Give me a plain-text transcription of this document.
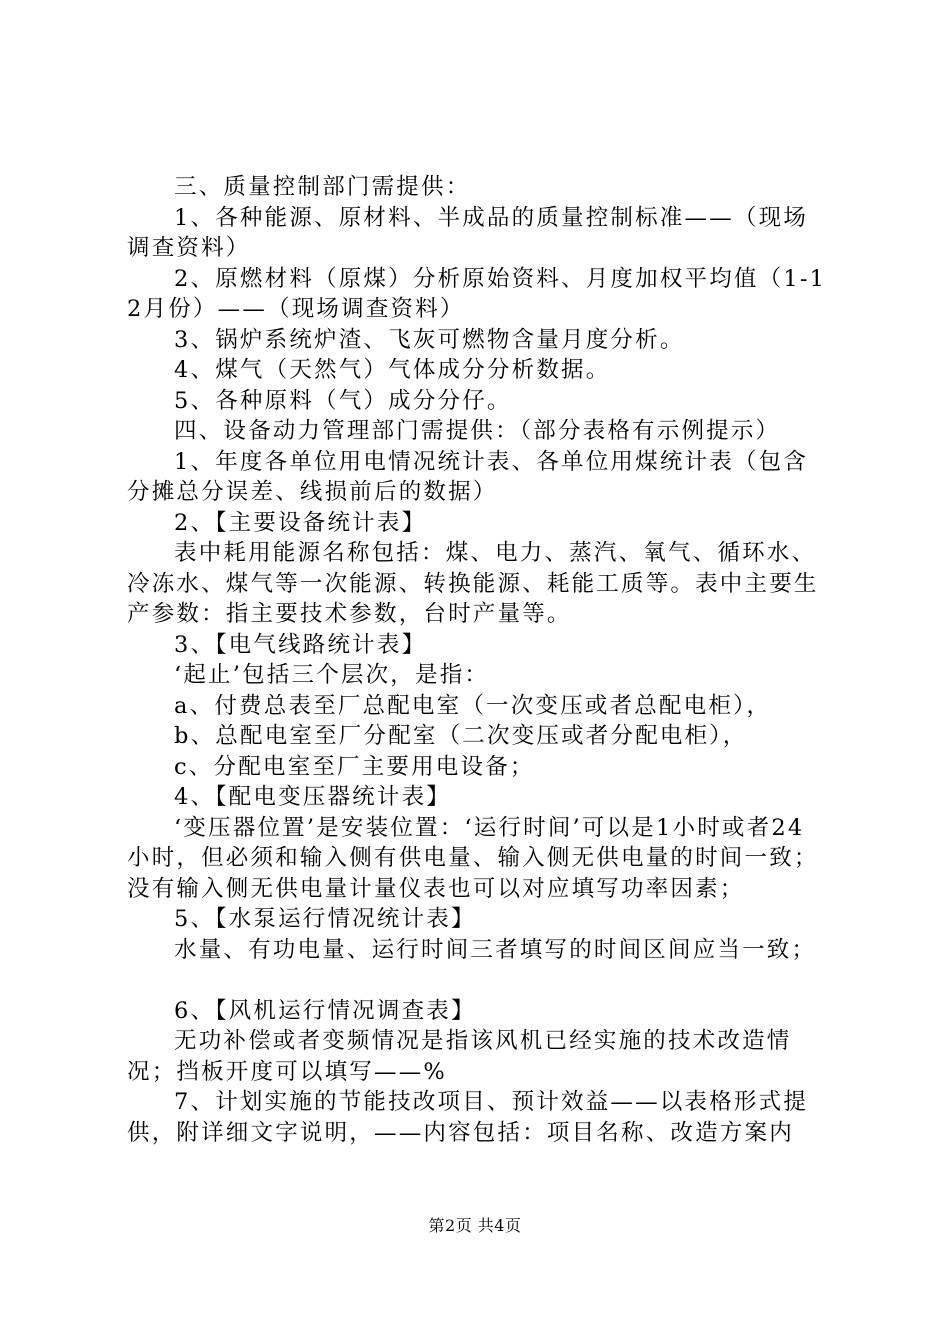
三、质量控制部门需提供：

1、各种能源、原材料、半成品的质量控制标准——（现场调查资料）

2、原燃材料（原煤）分析原始资料、月度加权平均值（1-12月份）——（现场调查资料）

3、锅炉系统炉渣、飞灰可燃物含量月度分析。

4、煤气（天然气）气体成分分析数据。

5、各种原料（气）成分分仔。

四、设备动力管理部门需提供：（部分表格有示例提示）

1、年度各单位用电情况统计表、各单位用煤统计表（包含分摊总分误差、线损前后的数据）

2、【主要设备统计表】

表中耗用能源名称包括：煤、电力、蒸汽、氧气、循环水、冷冻水、煤气等一次能源、转换能源、耗能工质等。表中主要生产参数：指主要技术参数，台时产量等。

3、【电气线路统计表】

‘起止’包括三个层次，是指：

a、付费总表至厂总配电室（一次变压或者总配电柜），

b、总配电室至厂分配室（二次变压或者分配电柜），

c、分配电室至厂主要用电设备；

4、【配电变压器统计表】

‘变压器位置’是安装位置：‘运行时间’可以是1小时或者24小时，但必须和输入侧有供电量、输入侧无供电量的时间一致；没有输入侧无供电量计量仪表也可以对应填写功率因素；

5、【水泵运行情况统计表】

水量、有功电量、运行时间三者填写的时间区间应当一致；

6、【风机运行情况调查表】

无功补偿或者变频情况是指该风机已经实施的技术改造情况；挡板开度可以填写——%

7、计划实施的节能技改项目、预计效益——以表格形式提供，附详细文字说明，——内容包括：项目名称、改造方案内

第2页 共4页
